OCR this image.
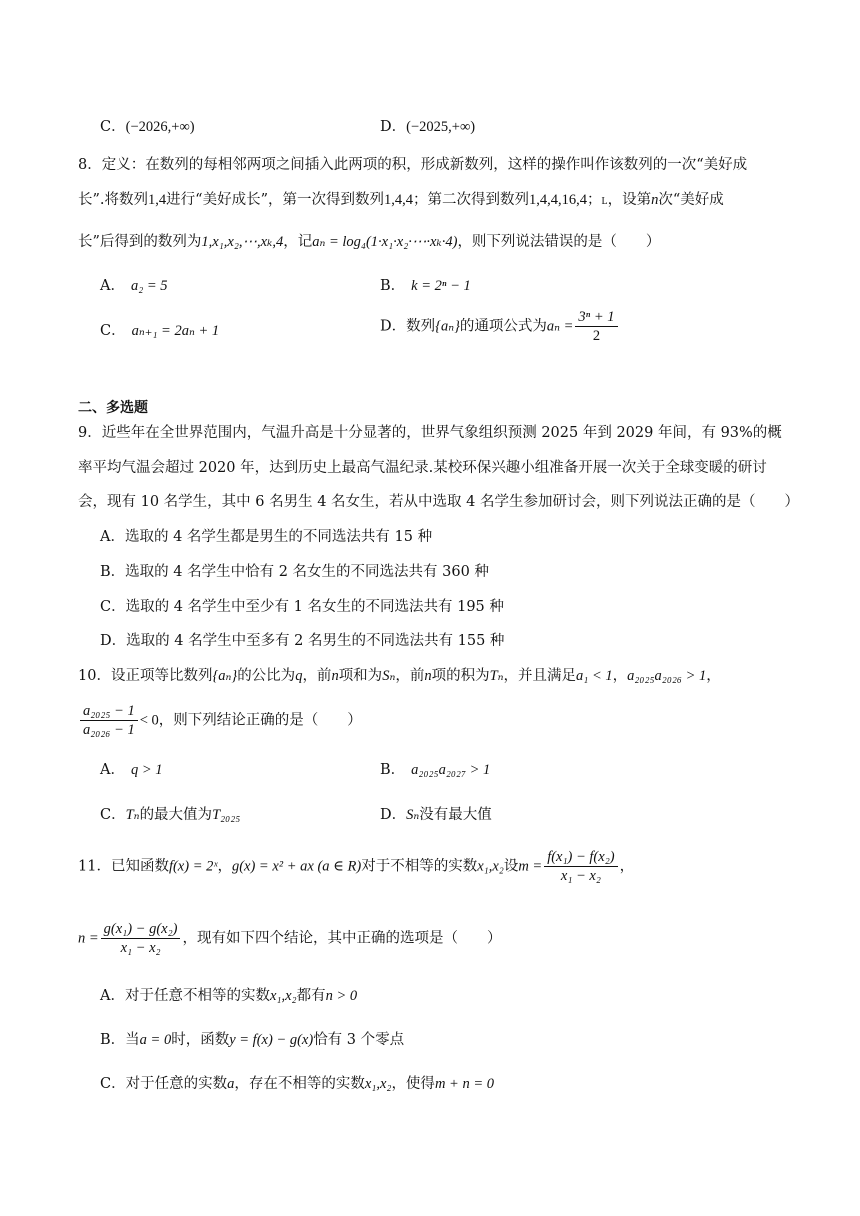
C．(−2026,+∞)	D．(−2025,+∞)
8．定义：在数列的每相邻两项之间插入此两项的积，形成新数列，这样的操作叫作该数列的一次“美好成
长”.将数列1,4进行“美好成长”，第一次得到数列1,4,4；第二次得到数列1,4,4,16,4；L，设第n次“美好成
长”后得到的数列为1,x₁,x₂,⋯,xₖ,4，记aₙ = log₄(1·x₁·x₂·⋯·xₖ·4)，则下列说法错误的是（　　）
A． a₂ = 5	B． k = 2ⁿ − 1
C． aₙ₊₁ = 2aₙ + 1	D．数列{aₙ}的通项公式为$a_n = \frac{\text{3ⁿ + 1}}{2}$
二、多选题
9．近些年在全世界范围内，气温升高是十分显著的，世界气象组织预测 2025 年到 2029 年间，有 93%的概
率平均气温会超过 2020 年，达到历史上最高气温纪录.某校环保兴趣小组准备开展一次关于全球变暖的研讨
会，现有 10 名学生，其中 6 名男生 4 名女生，若从中选取 4 名学生参加研讨会，则下列说法正确的是（　　）
A．选取的 4 名学生都是男生的不同选法共有 15 种
B．选取的 4 名学生中恰有 2 名女生的不同选法共有 360 种
C．选取的 4 名学生中至少有 1 名女生的不同选法共有 195 种
D．选取的 4 名学生中至多有 2 名男生的不同选法共有 155 种
10．设正项等比数列{aₙ}的公比为q，前n项和为Sₙ，前n项的积为Tₙ，并且满足a₁ < 1，a₂₀₂₅a₂₀₂₆ > 1，
$\frac{\text{a₂₀₂₅ − 1}}{\text{a₂₀₂₆ − 1}} < 0$，则下列结论正确的是（　　）
A． q > 1	B． a₂₀₂₅a₂₀₂₇ > 1
C．Tₙ的最大值为T₂₀₂₅	D．Sₙ没有最大值
11．已知函数f(x) = 2ˣ，g(x) = x² + ax (a ∈ R)对于不相等的实数x₁,x₂设$m = \frac{\text{f(x₁) − f(x₂)}}{\text{x₁ − x₂}}$ ，
$n = \frac{\text{g(x₁) − g(x₂)}}{\text{x₁ − x₂}}$ ，现有如下四个结论，其中正确的选项是（　　）
A．对于任意不相等的实数x₁,x₂都有n > 0
B．当a = 0时，函数y = f(x) − g(x)恰有 3 个零点
C．对于任意的实数a，存在不相等的实数x₁,x₂，使得m + n = 0
